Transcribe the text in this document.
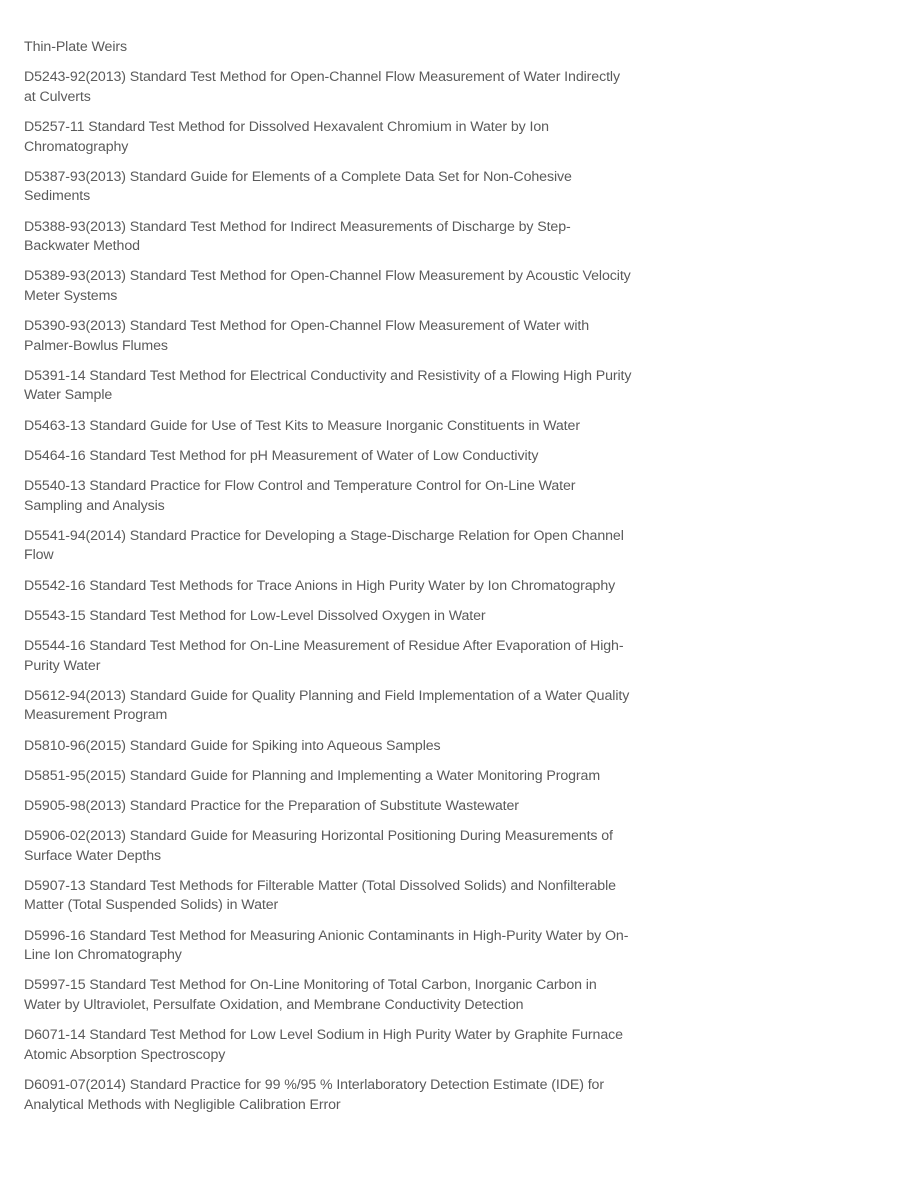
Thin-Plate Weirs

D5243-92(2013) Standard Test Method for Open-Channel Flow Measurement of Water Indirectly at Culverts

D5257-11 Standard Test Method for Dissolved Hexavalent Chromium in Water by Ion Chromatography

D5387-93(2013) Standard Guide for Elements of a Complete Data Set for Non-Cohesive Sediments

D5388-93(2013) Standard Test Method for Indirect Measurements of Discharge by Step-Backwater Method

D5389-93(2013) Standard Test Method for Open-Channel Flow Measurement by Acoustic Velocity Meter Systems

D5390-93(2013) Standard Test Method for Open-Channel Flow Measurement of Water with Palmer-Bowlus Flumes

D5391-14 Standard Test Method for Electrical Conductivity and Resistivity of a Flowing High Purity Water Sample

D5463-13 Standard Guide for Use of Test Kits to Measure Inorganic Constituents in Water

D5464-16 Standard Test Method for pH Measurement of Water of Low Conductivity

D5540-13 Standard Practice for Flow Control and Temperature Control for On-Line Water Sampling and Analysis

D5541-94(2014) Standard Practice for Developing a Stage-Discharge Relation for Open Channel Flow

D5542-16 Standard Test Methods for Trace Anions in High Purity Water by Ion Chromatography

D5543-15 Standard Test Method for Low-Level Dissolved Oxygen in Water

D5544-16 Standard Test Method for On-Line Measurement of Residue After Evaporation of High-Purity Water

D5612-94(2013) Standard Guide for Quality Planning and Field Implementation of a Water Quality Measurement Program

D5810-96(2015) Standard Guide for Spiking into Aqueous Samples

D5851-95(2015) Standard Guide for Planning and Implementing a Water Monitoring Program

D5905-98(2013) Standard Practice for the Preparation of Substitute Wastewater

D5906-02(2013) Standard Guide for Measuring Horizontal Positioning During Measurements of Surface Water Depths

D5907-13 Standard Test Methods for Filterable Matter (Total Dissolved Solids) and Nonfilterable Matter (Total Suspended Solids) in Water

D5996-16 Standard Test Method for Measuring Anionic Contaminants in High-Purity Water by On-Line Ion Chromatography

D5997-15 Standard Test Method for On-Line Monitoring of Total Carbon, Inorganic Carbon in Water by Ultraviolet, Persulfate Oxidation, and Membrane Conductivity Detection

D6071-14 Standard Test Method for Low Level Sodium in High Purity Water by Graphite Furnace Atomic Absorption Spectroscopy

D6091-07(2014) Standard Practice for 99 %/95 % Interlaboratory Detection Estimate (IDE) for Analytical Methods with Negligible Calibration Error
